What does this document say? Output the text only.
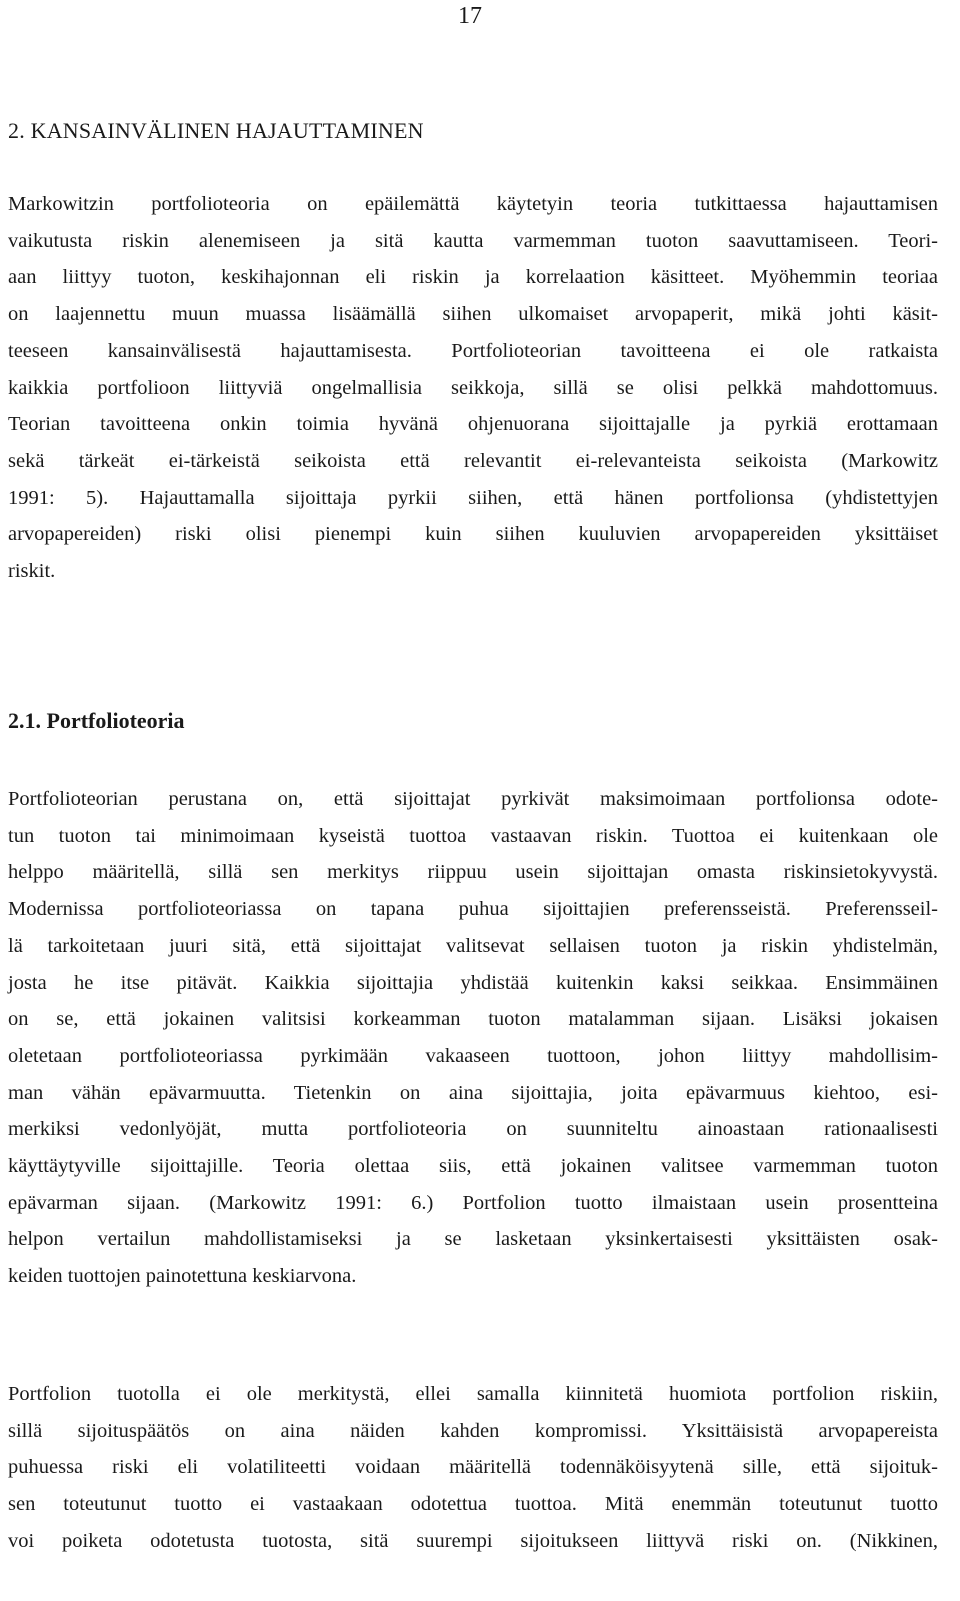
17
2. KANSAINVÄLINEN HAJAUTTAMINEN

Markowitzin portfolioteoria on epäilemättä käytetyin teoria tutkittaessa hajauttamisen
vaikutusta riskin alenemiseen ja sitä kautta varmemman tuoton saavuttamiseen. Teori-
aan liittyy tuoton, keskihajonnan eli riskin ja korrelaation käsitteet. Myöhemmin teoriaa
on laajennettu muun muassa lisäämällä siihen ulkomaiset arvopaperit, mikä johti käsit-
teeseen kansainvälisestä hajauttamisesta. Portfolioteorian tavoitteena ei ole ratkaista
kaikkia portfolioon liittyviä ongelmallisia seikkoja, sillä se olisi pelkkä mahdottomuus.
Teorian tavoitteena onkin toimia hyvänä ohjenuorana sijoittajalle ja pyrkiä erottamaan
sekä tärkeät ei-tärkeistä seikoista että relevantit ei-relevanteista seikoista (Markowitz
1991: 5). Hajauttamalla sijoittaja pyrkii siihen, että hänen portfolionsa (yhdistettyjen
arvopapereiden) riski olisi pienempi kuin siihen kuuluvien arvopapereiden yksittäiset
riskit.

2.1. Portfolioteoria

Portfolioteorian perustana on, että sijoittajat pyrkivät maksimoimaan portfolionsa odote-
tun tuoton tai minimoimaan kyseistä tuottoa vastaavan riskin. Tuottoa ei kuitenkaan ole
helppo määritellä, sillä sen merkitys riippuu usein sijoittajan omasta riskinsietokyvystä.
Modernissa portfolioteoriassa on tapana puhua sijoittajien preferensseistä. Preferensseil-
lä tarkoitetaan juuri sitä, että sijoittajat valitsevat sellaisen tuoton ja riskin yhdistelmän,
josta he itse pitävät. Kaikkia sijoittajia yhdistää kuitenkin kaksi seikkaa. Ensimmäinen
on se, että jokainen valitsisi korkeamman tuoton matalamman sijaan. Lisäksi jokaisen
oletetaan portfolioteoriassa pyrkimään vakaaseen tuottoon, johon liittyy mahdollisim-
man vähän epävarmuutta. Tietenkin on aina sijoittajia, joita epävarmuus kiehtoo, esi-
merkiksi vedonlyöjät, mutta portfolioteoria on suunniteltu ainoastaan rationaalisesti
käyttäytyville sijoittajille. Teoria olettaa siis, että jokainen valitsee varmemman tuoton
epävarman sijaan. (Markowitz 1991: 6.) Portfolion tuotto ilmaistaan usein prosentteina
helpon vertailun mahdollistamiseksi ja se lasketaan yksinkertaisesti yksittäisten osak-
keiden tuottojen painotettuna keskiarvona.

Portfolion tuotolla ei ole merkitystä, ellei samalla kiinnitetä huomiota portfolion riskiin,
sillä sijoituspäätös on aina näiden kahden kompromissi. Yksittäisistä arvopapereista
puhuessa riski eli volatiliteetti voidaan määritellä todennäköisyytenä sille, että sijoituk-
sen toteutunut tuotto ei vastaakaan odotettua tuottoa. Mitä enemmän toteutunut tuotto
voi poiketa odotetusta tuotosta, sitä suurempi sijoitukseen liittyvä riski on. (Nikkinen,
